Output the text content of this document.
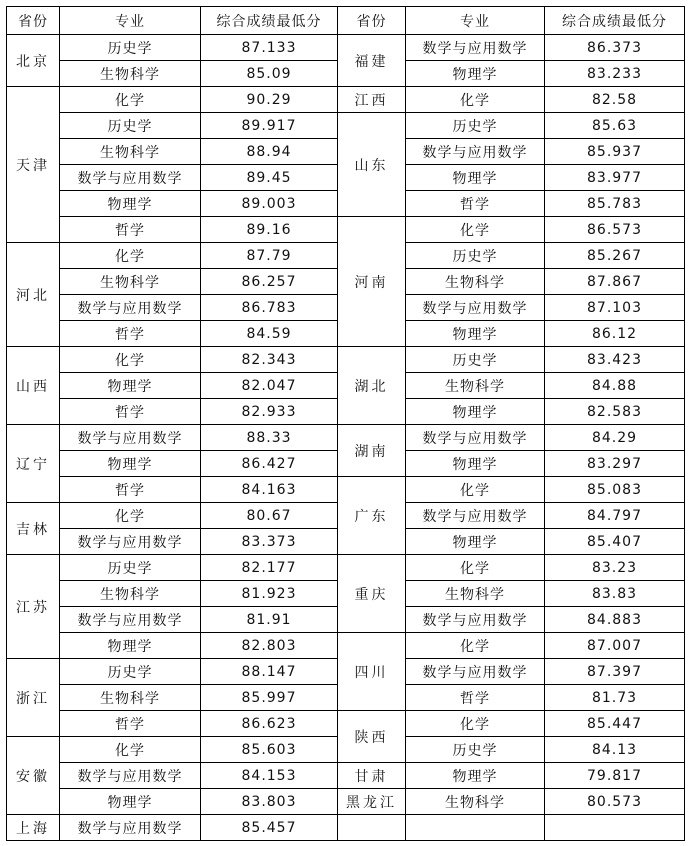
省份	专业	综合成绩最低分	省份	专业	综合成绩最低分
北京	历史学	87.133	福建	数学与应用数学	86.373
	生物科学	85.09		物理学	83.233
天津	化学	90.29	江西	化学	82.58
	历史学	89.917	山东	历史学	85.63
	生物科学	88.94		数学与应用数学	85.937
	数学与应用数学	89.45		物理学	83.977
	物理学	89.003		哲学	85.783
	哲学	89.16	河南	化学	86.573
河北	化学	87.79		历史学	85.267
	生物科学	86.257		生物科学	87.867
	数学与应用数学	86.783		数学与应用数学	87.103
	哲学	84.59		物理学	86.12
山西	化学	82.343	湖北	历史学	83.423
	物理学	82.047		生物科学	84.88
	哲学	82.933		物理学	82.583
辽宁	数学与应用数学	88.33	湖南	数学与应用数学	84.29
	物理学	86.427		物理学	83.297
	哲学	84.163	广东	化学	85.083
吉林	化学	80.67		数学与应用数学	84.797
	数学与应用数学	83.373		物理学	85.407
江苏	历史学	82.177	重庆	化学	83.23
	生物科学	81.923		生物科学	83.83
	数学与应用数学	81.91		数学与应用数学	84.883
	物理学	82.803	四川	化学	87.007
浙江	历史学	88.147		数学与应用数学	87.397
	生物科学	85.997		哲学	81.73
	哲学	86.623	陕西	化学	85.447
安徽	化学	85.603		历史学	84.13
	数学与应用数学	84.153	甘肃	物理学	79.817
	物理学	83.803	黑龙江	生物科学	80.573
上海	数学与应用数学	85.457			
